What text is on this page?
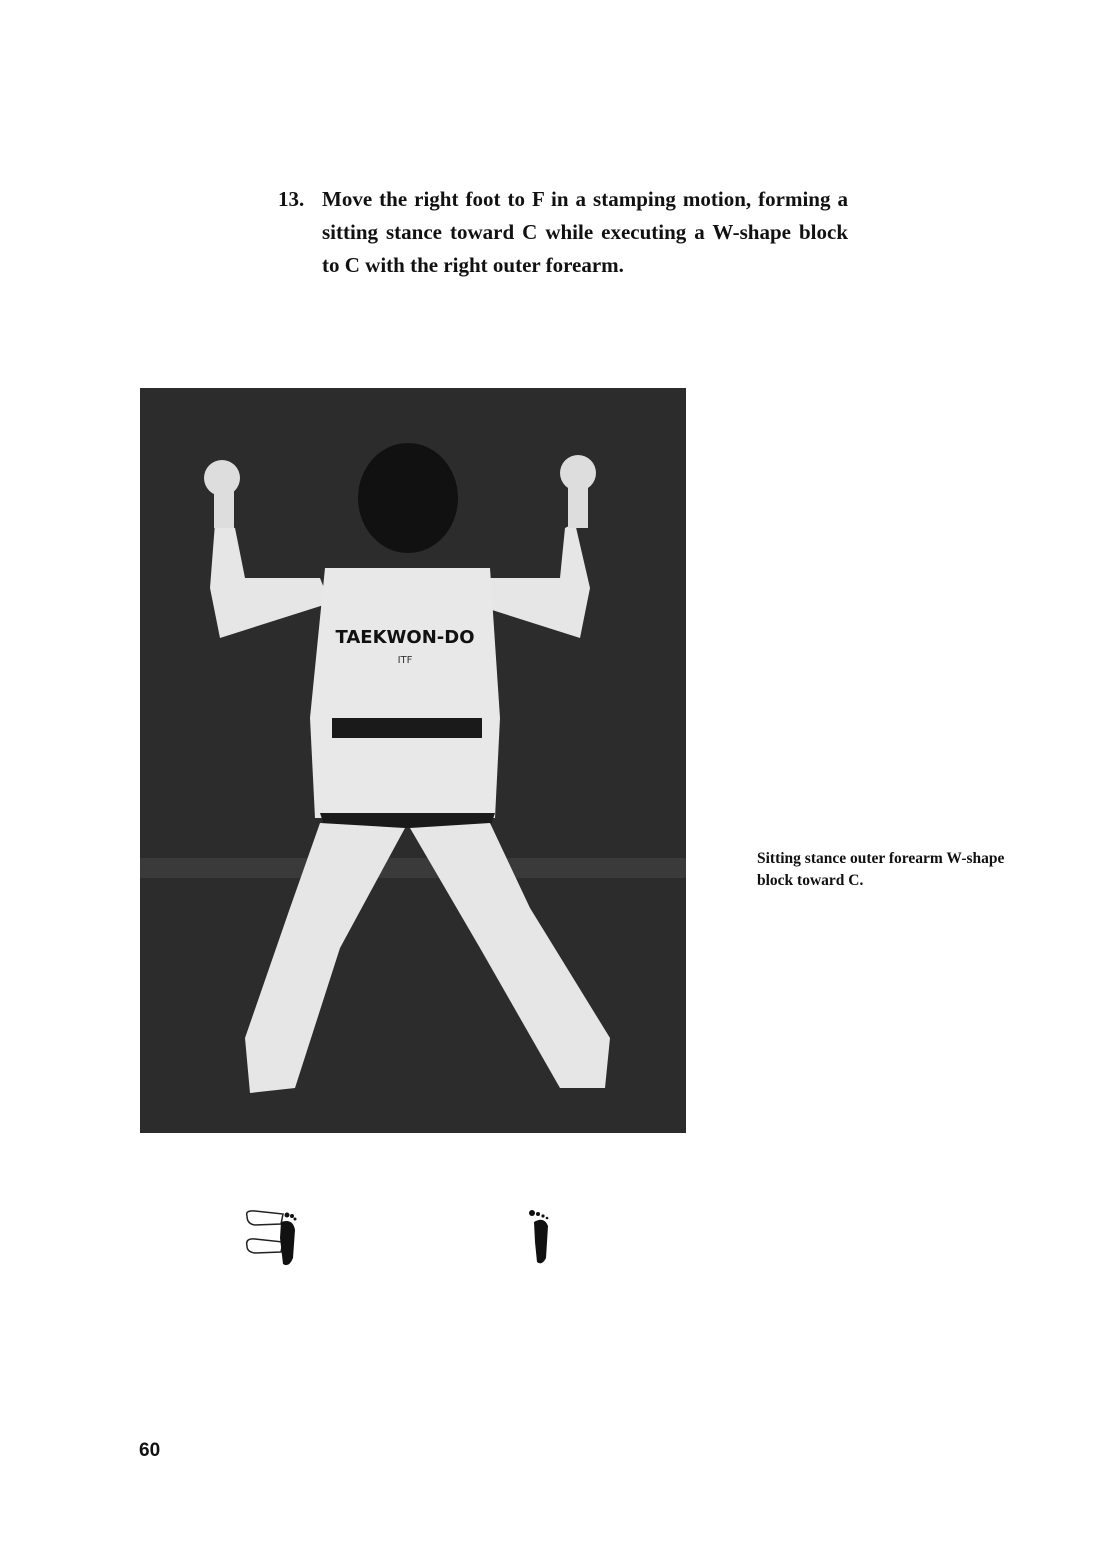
13. Move the right foot to F in a stamping motion, forming a sitting stance toward C while executing a W-shape block to C with the right outer forearm.
TAEKWON-DO
ITF
Sitting stance outer forearm W-shape block toward C.
60
